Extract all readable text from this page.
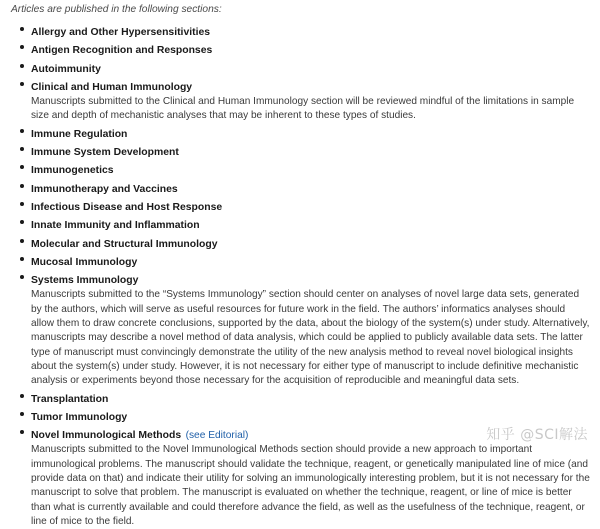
Articles are published in the following sections:

Allergy and Other Hypersensitivities
Antigen Recognition and Responses
Autoimmunity
Clinical and Human Immunology

Manuscripts submitted to the Clinical and Human Immunology section will be reviewed mindful of the limitations in sample size and depth of mechanistic analyses that may be inherent to these types of studies.

Immune Regulation
Immune System Development
Immunogenetics
Immunotherapy and Vaccines
Infectious Disease and Host Response
Innate Immunity and Inflammation
Molecular and Structural Immunology
Mucosal Immunology
Systems Immunology

Manuscripts submitted to the “Systems Immunology” section should center on analyses of novel large data sets, generated by the authors, which will serve as useful resources for future work in the field. The authors’ informatics analyses should allow them to draw concrete conclusions, supported by the data, about the biology of the system(s) under study. Alternatively, manuscripts may describe a novel method of data analysis, which could be applied to publicly available data sets. The latter type of manuscript must convincingly demonstrate the utility of the new analysis method to reveal novel biological insights about the system(s) under study. However, it is not necessary for either type of manuscript to include definitive mechanistic analysis or experiments beyond those necessary for the acquisition of reproducible and meaningful data sets.

Transplantation
Tumor Immunology
Novel Immunological Methods (see Editorial)

Manuscripts submitted to the Novel Immunological Methods section should provide a new approach to important immunological problems. The manuscript should validate the technique, reagent, or genetically manipulated line of mice (and provide data on that) and indicate their utility for solving an immunologically interesting problem, but it is not necessary for the manuscript to solve that problem. The manuscript is evaluated on whether the technique, reagent, or line of mice is better than what is currently available and could therefore advance the field, as well as the usefulness of the technique, reagent, or line of mice to the field.

知乎 @SCI解法
